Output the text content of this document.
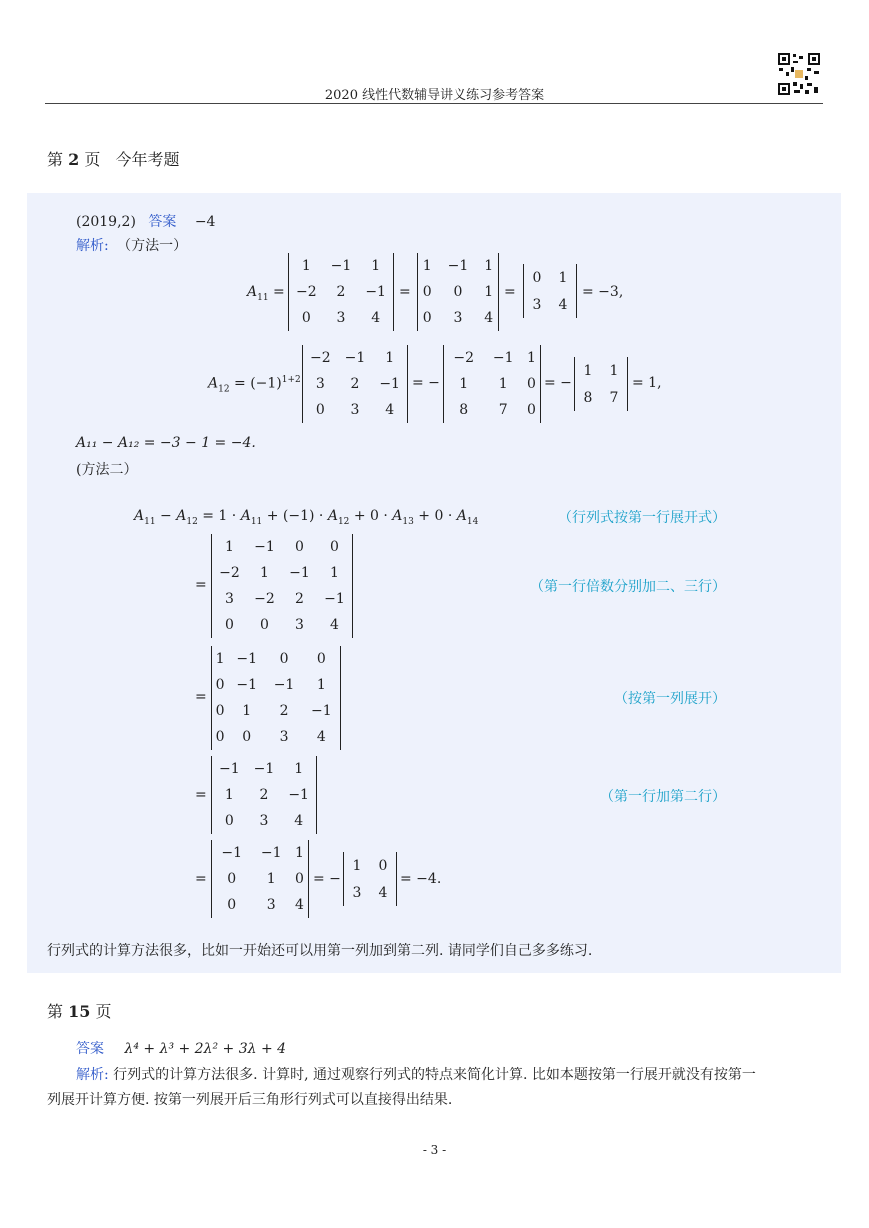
2020 线性代数辅导讲义练习参考答案
第 2 页 今年考题
(2019,2) 答案 −4
解析: （方法一）
$A_{11}$ =
1	−1	1
−2	2	−1
0	3	4
=
1	−1	1
0	0	1
0	3	4
=
0	1
3	4
= −3,
$A_{12} = (-1)^{1+2}$
−2	−1	1
3	2	−1
0	3	4
= −
−2	−1	1
1	1	0
8	7	0
= −
1	1
8	7
= 1,
A₁₁ − A₁₂ = −3 − 1 = −4.
(方法二）
$A_{11} - A_{12} = 1 \cdot A_{11} + (-1) \cdot A_{12} + 0 \cdot A_{13} + 0 \cdot A_{14}$	（行列式按第一行展开式）
=
1	−1	0	0
−2	1	−1	1
3	−2	2	−1
0	0	3	4
（第一行倍数分别加二、三行）
=
1	−1	0	0
0	−1	−1	1
0	1	2	−1
0	0	3	4
（按第一列展开）
=
−1	−1	1
1	2	−1
0	3	4
（第一行加第二行）
=
−1	−1	1
0	1	0
0	3	4
= −
1	0
3	4
= −4.
行列式的计算方法很多，比如一开始还可以用第一列加到第二列. 请同学们自己多多练习.
第 15 页
答案 λ⁴ + λ³ + 2λ² + 3λ + 4
解析: 行列式的计算方法很多. 计算时, 通过观察行列式的特点来简化计算. 比如本题按第一行展开就没有按第一
列展开计算方便. 按第一列展开后三角形行列式可以直接得出结果.
- 3 -
